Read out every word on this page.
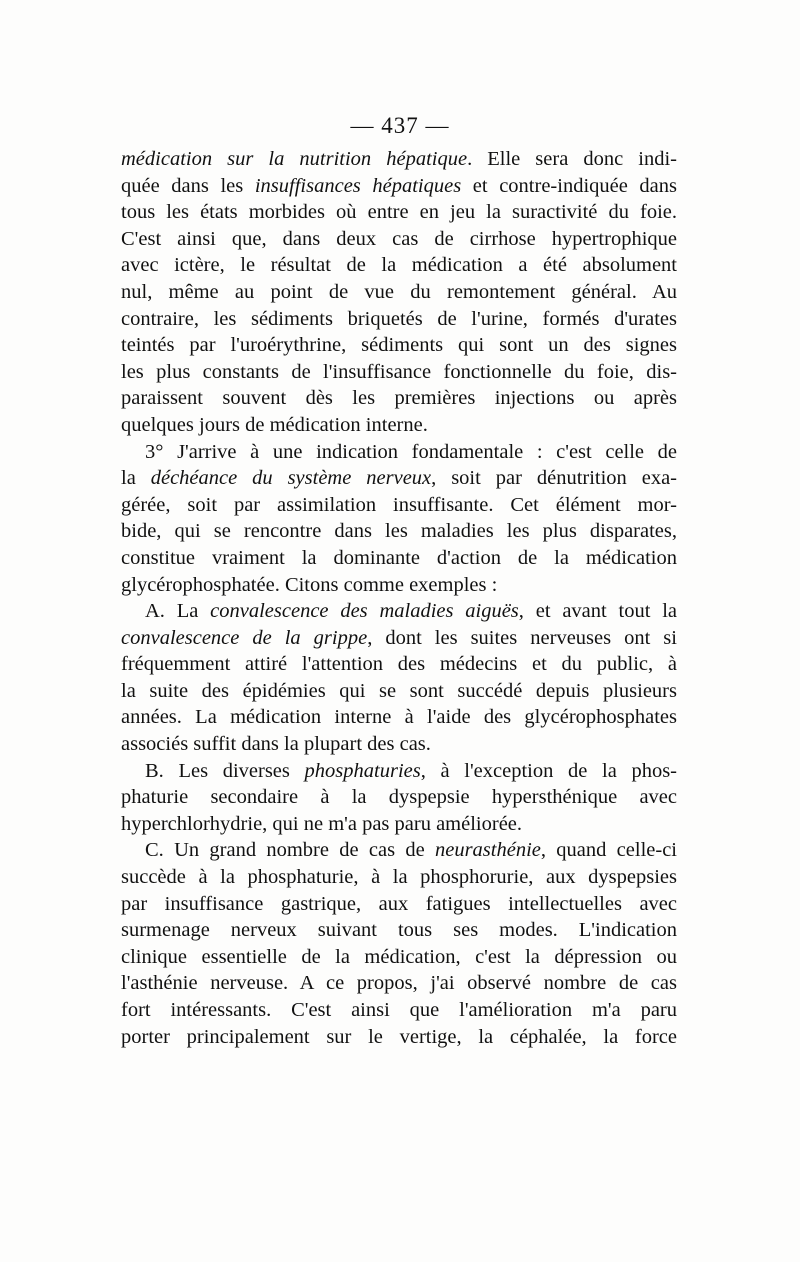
— 437 —
médication sur la nutrition hépatique. Elle sera donc indi-
quée dans les insuffisances hépatiques et contre-indiquée dans
tous les états morbides où entre en jeu la suractivité du foie.
C'est ainsi que, dans deux cas de cirrhose hypertrophique
avec ictère, le résultat de la médication a été absolument
nul, même au point de vue du remontement général. Au
contraire, les sédiments briquetés de l'urine, formés d'urates
teintés par l'uroérythrine, sédiments qui sont un des signes
les plus constants de l'insuffisance fonctionnelle du foie, dis-
paraissent souvent dès les premières injections ou après
quelques jours de médication interne.
3° J'arrive à une indication fondamentale : c'est celle de
la déchéance du système nerveux, soit par dénutrition exa-
gérée, soit par assimilation insuffisante. Cet élément mor-
bide, qui se rencontre dans les maladies les plus disparates,
constitue vraiment la dominante d'action de la médication
glycérophosphatée. Citons comme exemples :
A. La convalescence des maladies aiguës, et avant tout la
convalescence de la grippe, dont les suites nerveuses ont si
fréquemment attiré l'attention des médecins et du public, à
la suite des épidémies qui se sont succédé depuis plusieurs
années. La médication interne à l'aide des glycérophosphates
associés suffit dans la plupart des cas.
B. Les diverses phosphaturies, à l'exception de la phos-
phaturie secondaire à la dyspepsie hypersthénique avec
hyperchlorhydrie, qui ne m'a pas paru améliorée.
C. Un grand nombre de cas de neurasthénie, quand celle-ci
succède à la phosphaturie, à la phosphorurie, aux dyspepsies
par insuffisance gastrique, aux fatigues intellectuelles avec
surmenage nerveux suivant tous ses modes. L'indication
clinique essentielle de la médication, c'est la dépression ou
l'asthénie nerveuse. A ce propos, j'ai observé nombre de cas
fort intéressants. C'est ainsi que l'amélioration m'a paru
porter principalement sur le vertige, la céphalée, la force
